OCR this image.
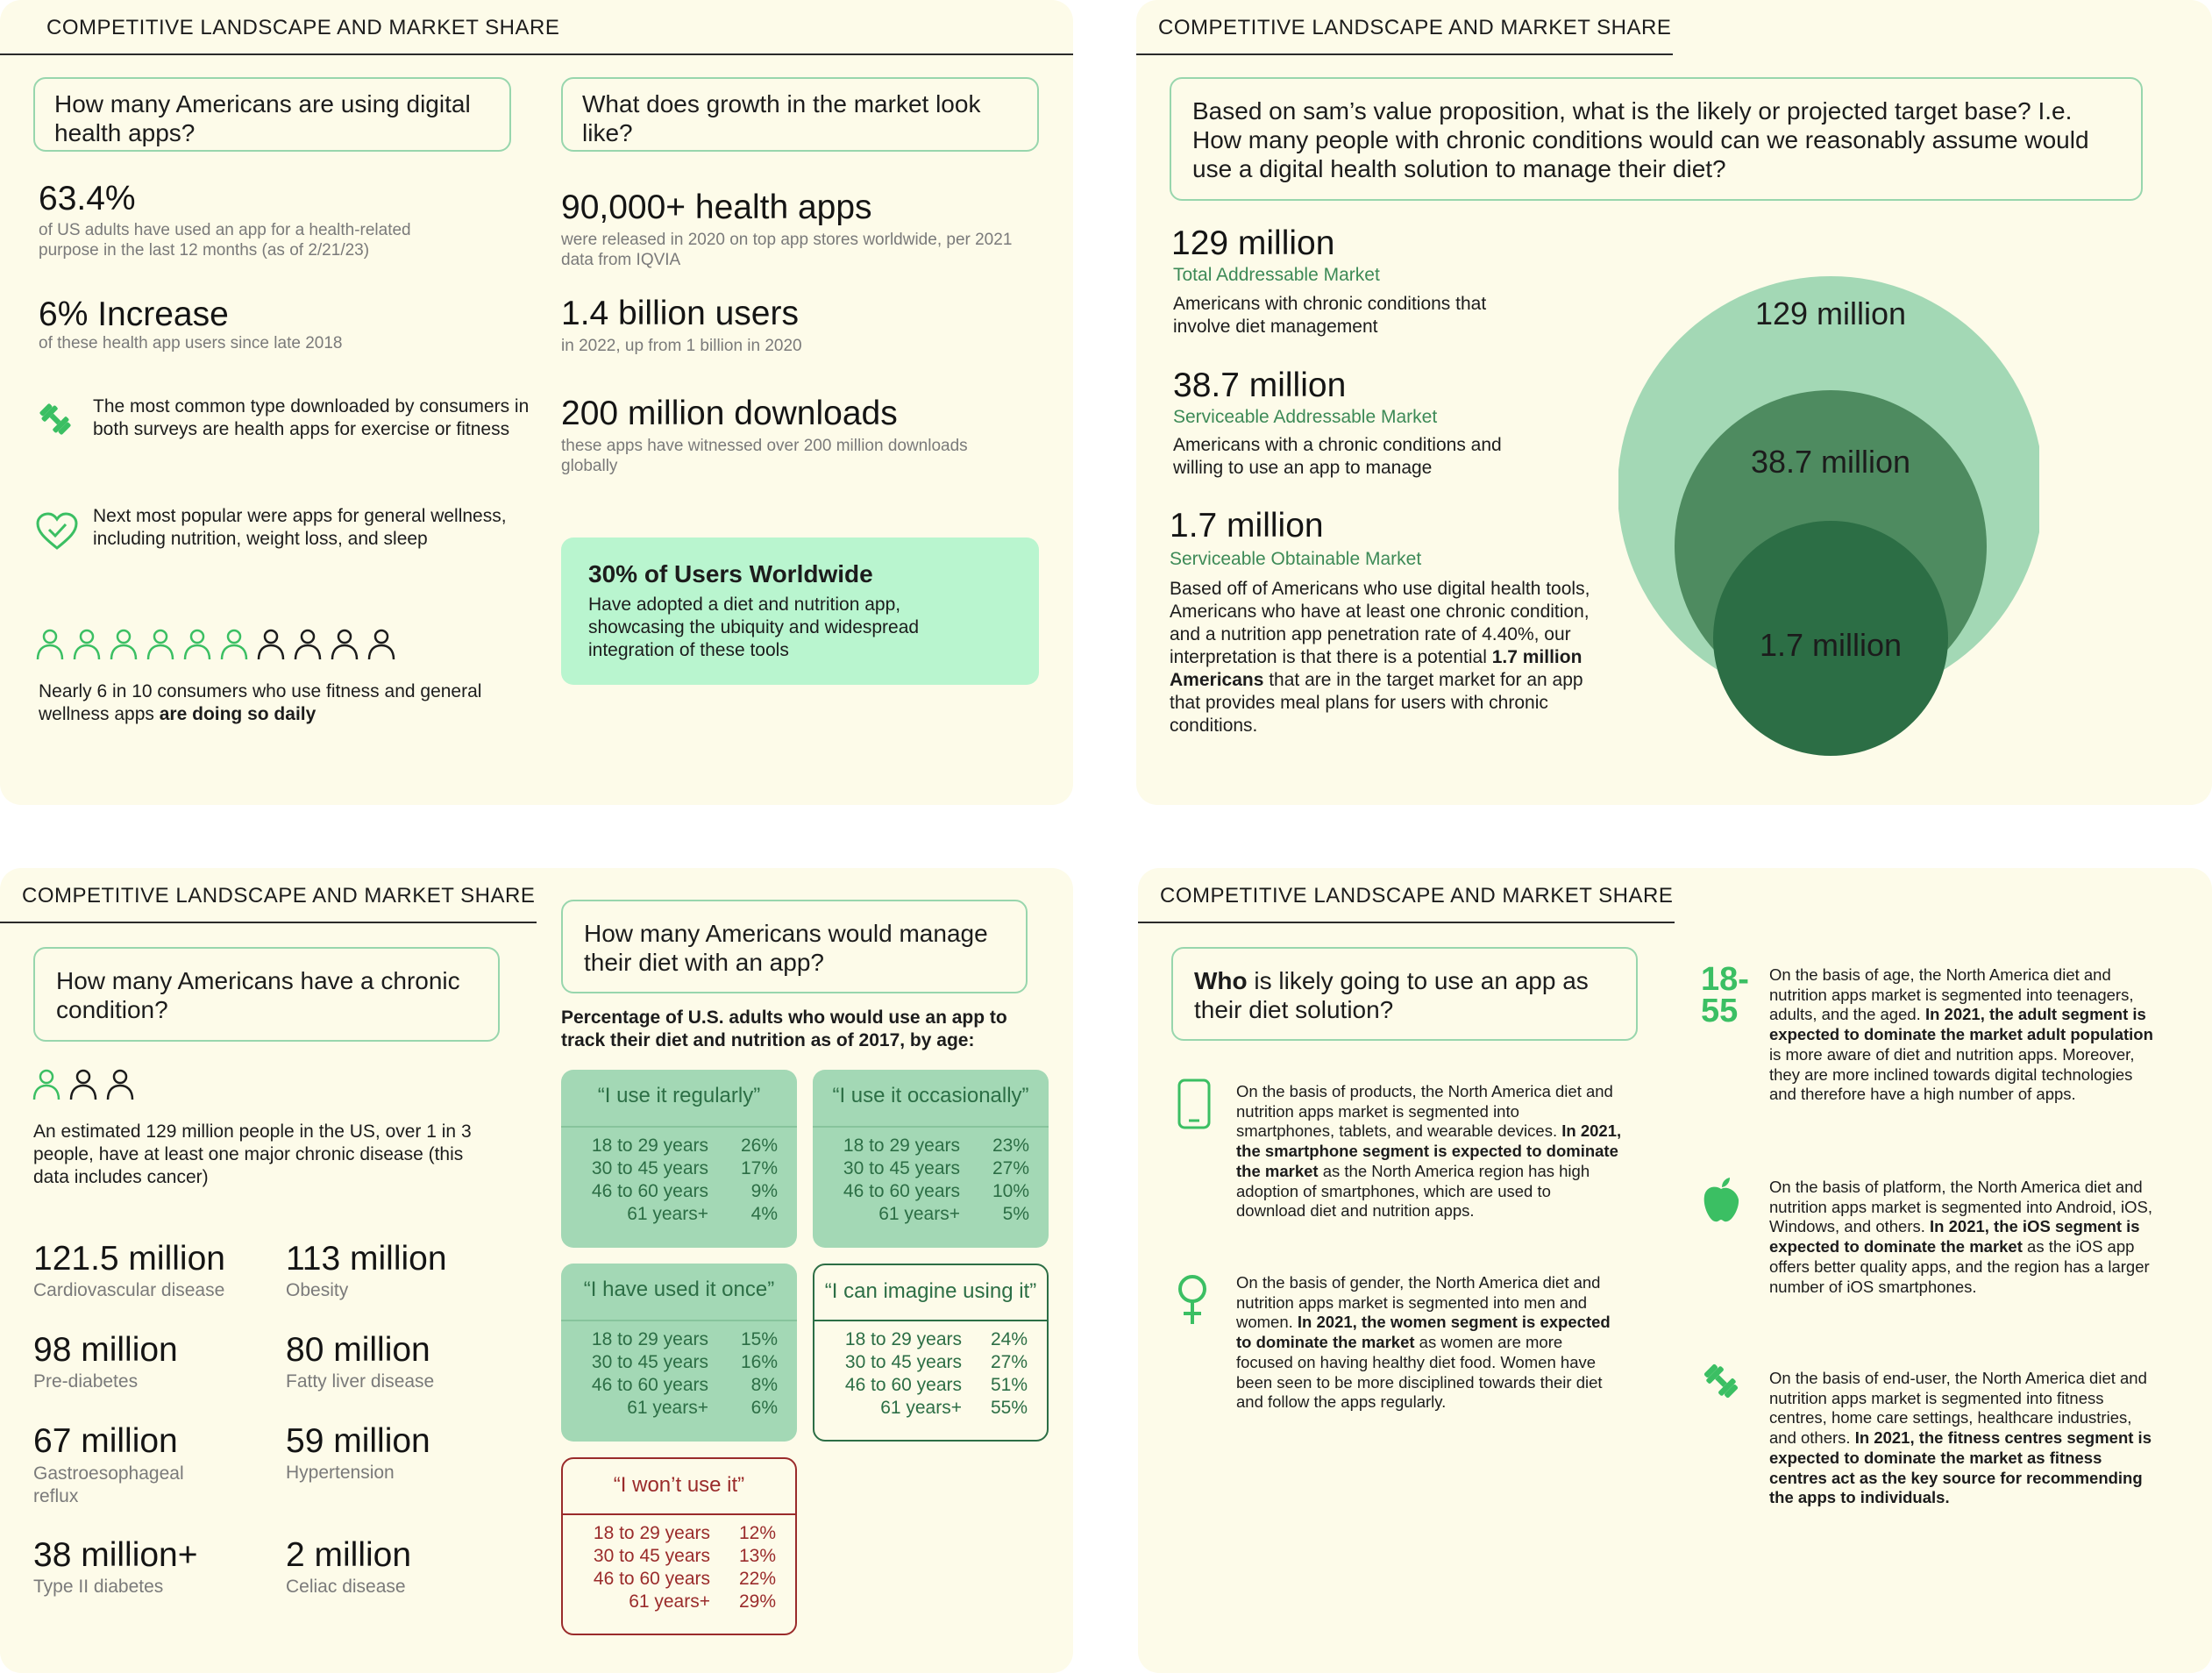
COMPETITIVE LANDSCAPE AND MARKET SHARE
How many Americans are using digital health apps?
What does growth in the market look like?
63.4%
of US adults have used an app for a health-related purpose in the last 12 months (as of 2/21/23)
6% Increase
of these health app users since late 2018
The most common type downloaded by consumers in both surveys are health apps for exercise or fitness
Next most popular were apps for general wellness, including nutrition, weight loss, and sleep
Nearly 6 in 10 consumers who use fitness and general wellness apps are doing so daily
90,000+ health apps
were released in 2020 on top app stores worldwide, per 2021 data from IQVIA
1.4 billion users
in 2022, up from 1 billion in 2020
200 million downloads
these apps have witnessed over 200 million downloads globally
30% of Users Worldwide
Have adopted a diet and nutrition app, showcasing the ubiquity and widespread integration of these tools
COMPETITIVE LANDSCAPE AND MARKET SHARE
Based on sam’s value proposition, what is the likely or projected target base? I.e. How many people with chronic conditions would can we reasonably assume would use a digital health solution to manage their diet?
129 million
Total Addressable Market
Americans with chronic conditions that involve diet management
38.7 million
Serviceable Addressable Market
Americans with a chronic conditions and willing to use an app to manage
1.7 million
Serviceable Obtainable Market
Based off of Americans who use digital health tools, Americans who have at least one chronic condition, and a nutrition app penetration rate of 4.40%, our interpretation is that there is a potential 1.7 million Americans that are in the target market for an app that provides meal plans for users with chronic conditions.
129 million
38.7 million
1.7 million
COMPETITIVE LANDSCAPE AND MARKET SHARE
How many Americans have a chronic condition?
An estimated 129 million people in the US, over 1 in 3 people, have at least one major chronic disease (this data includes cancer)
121.5 million
Cardiovascular disease
113 million
Obesity
98 million
Pre-diabetes
80 million
Fatty liver disease
67 million
Gastroesophageal reflux
59 million
Hypertension
38 million+
Type II diabetes
2 million
Celiac disease
How many Americans would manage their diet with an app?
Percentage of U.S. adults who would use an app to track their diet and nutrition as of 2017, by age:
“I use it regularly”
18 to 29 years 26%
30 to 45 years 17%
46 to 60 years 9%
61 years+ 4%
“I use it occasionally”
18 to 29 years 23%
30 to 45 years 27%
46 to 60 years 10%
61 years+ 5%
“I have used it once”
18 to 29 years 15%
30 to 45 years 16%
46 to 60 years 8%
61 years+ 6%
“I can imagine using it”
18 to 29 years 24%
30 to 45 years 27%
46 to 60 years 51%
61 years+ 55%
“I won’t use it”
18 to 29 years 12%
30 to 45 years 13%
46 to 60 years 22%
61 years+ 29%
COMPETITIVE LANDSCAPE AND MARKET SHARE
Who is likely going to use an app as their diet solution?
On the basis of products, the North America diet and nutrition apps market is segmented into smartphones, tablets, and wearable devices. In 2021, the smartphone segment is expected to dominate the market as the North America region has high adoption of smartphones, which are used to download diet and nutrition apps.
On the basis of gender, the North America diet and nutrition apps market is segmented into men and women. In 2021, the women segment is expected to dominate the market as women are more focused on having healthy diet food. Women have been seen to be more disciplined towards their diet and follow the apps regularly.
18-
55
On the basis of age, the North America diet and nutrition apps market is segmented into teenagers, adults, and the aged. In 2021, the adult segment is expected to dominate the market adult population is more aware of diet and nutrition apps. Moreover, they are more inclined towards digital technologies and therefore have a high number of apps.
On the basis of platform, the North America diet and nutrition apps market is segmented into Android, iOS, Windows, and others. In 2021, the iOS segment is expected to dominate the market as the iOS app offers better quality apps, and the region has a larger number of iOS smartphones.
On the basis of end-user, the North America diet and nutrition apps market is segmented into fitness centres, home care settings, healthcare industries, and others. In 2021, the fitness centres segment is expected to dominate the market as fitness centres act as the key source for recommending the apps to individuals.
